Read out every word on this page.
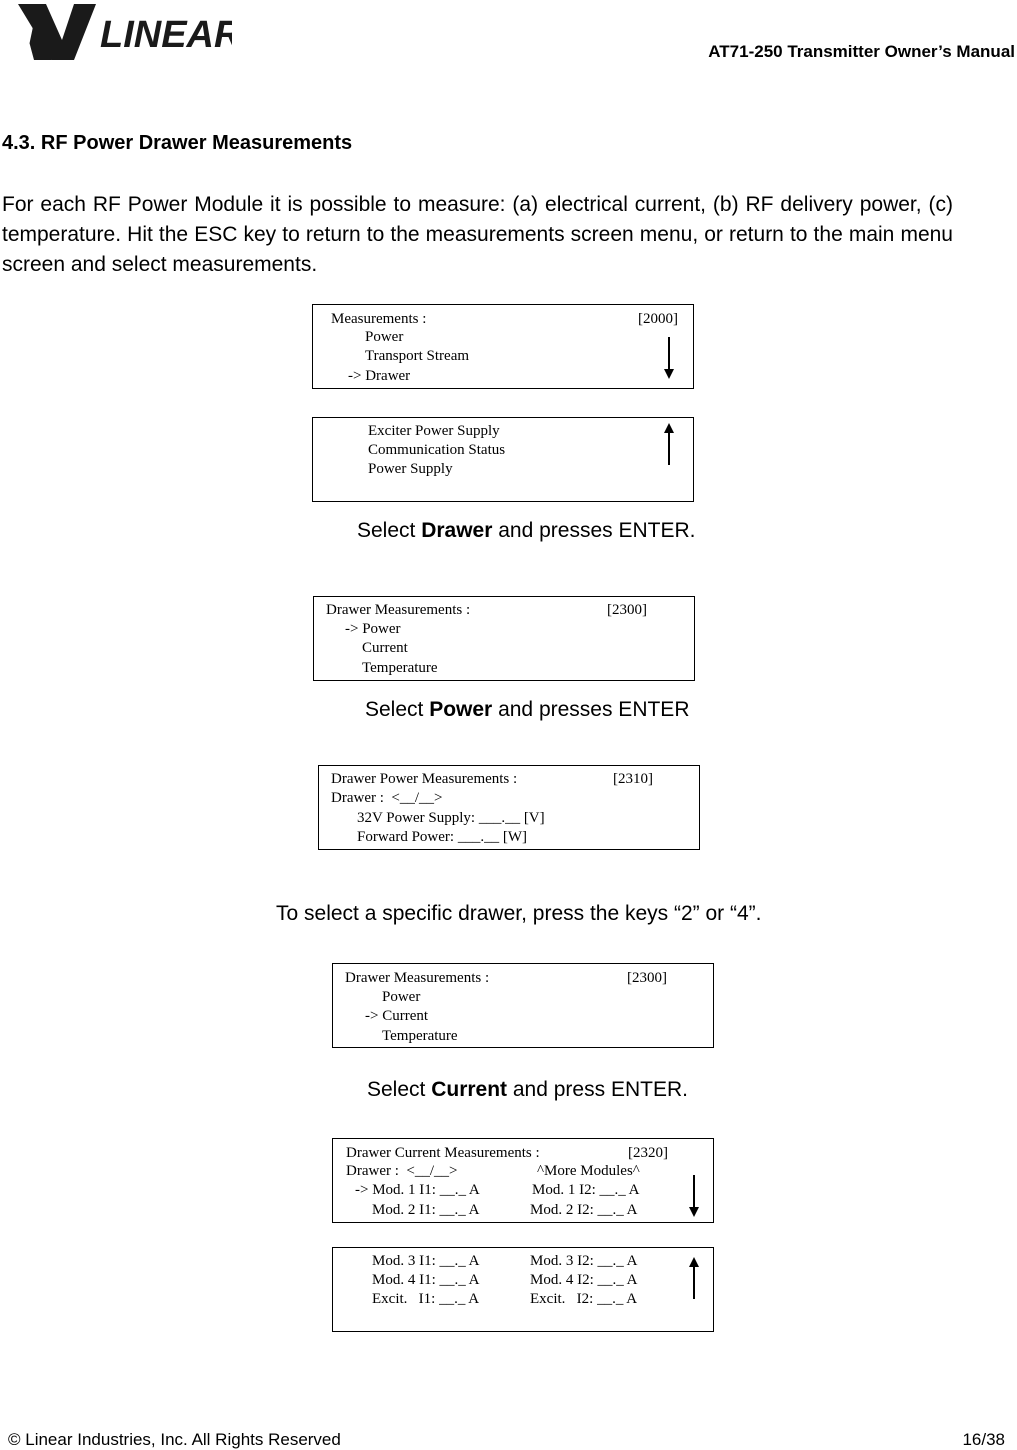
LINEAR	AT71-250 Transmitter Owner’s Manual
4.3. RF Power Drawer Measurements
For each RF Power Module it is possible to measure: (a) electrical current, (b) RF delivery power, (c) temperature. Hit the ESC key to return to the measurements screen menu, or return to the main menu screen and select measurements.
Measurements :	[2000]
Power
Transport Stream
-> Drawer
Exciter Power Supply
Communication Status
Power Supply
Select Drawer and presses ENTER.
Drawer Measurements :	[2300]
-> Power
Current
Temperature
Select Power and presses ENTER
Drawer Power Measurements :	[2310]
Drawer :  <__/__>
32V Power Supply: ___.__ [V]
Forward Power: ___.__ [W]
To select a specific drawer, press the keys “2” or “4”.
Drawer Measurements :	[2300]
Power
-> Current
Temperature
Select Current and press ENTER.
Drawer Current Measurements :	[2320]
Drawer :  <__/__>	^More Modules^
-> Mod. 1 I1: __._ A	Mod. 1 I2: __._ A
Mod. 2 I1: __._ A	Mod. 2 I2: __._ A
Mod. 3 I1: __._ A	Mod. 3 I2: __._ A
Mod. 4 I1: __._ A	Mod. 4 I2: __._ A
Excit.   I1: __._ A	Excit.   I2: __._ A
© Linear Industries, Inc. All Rights Reserved	16/38
